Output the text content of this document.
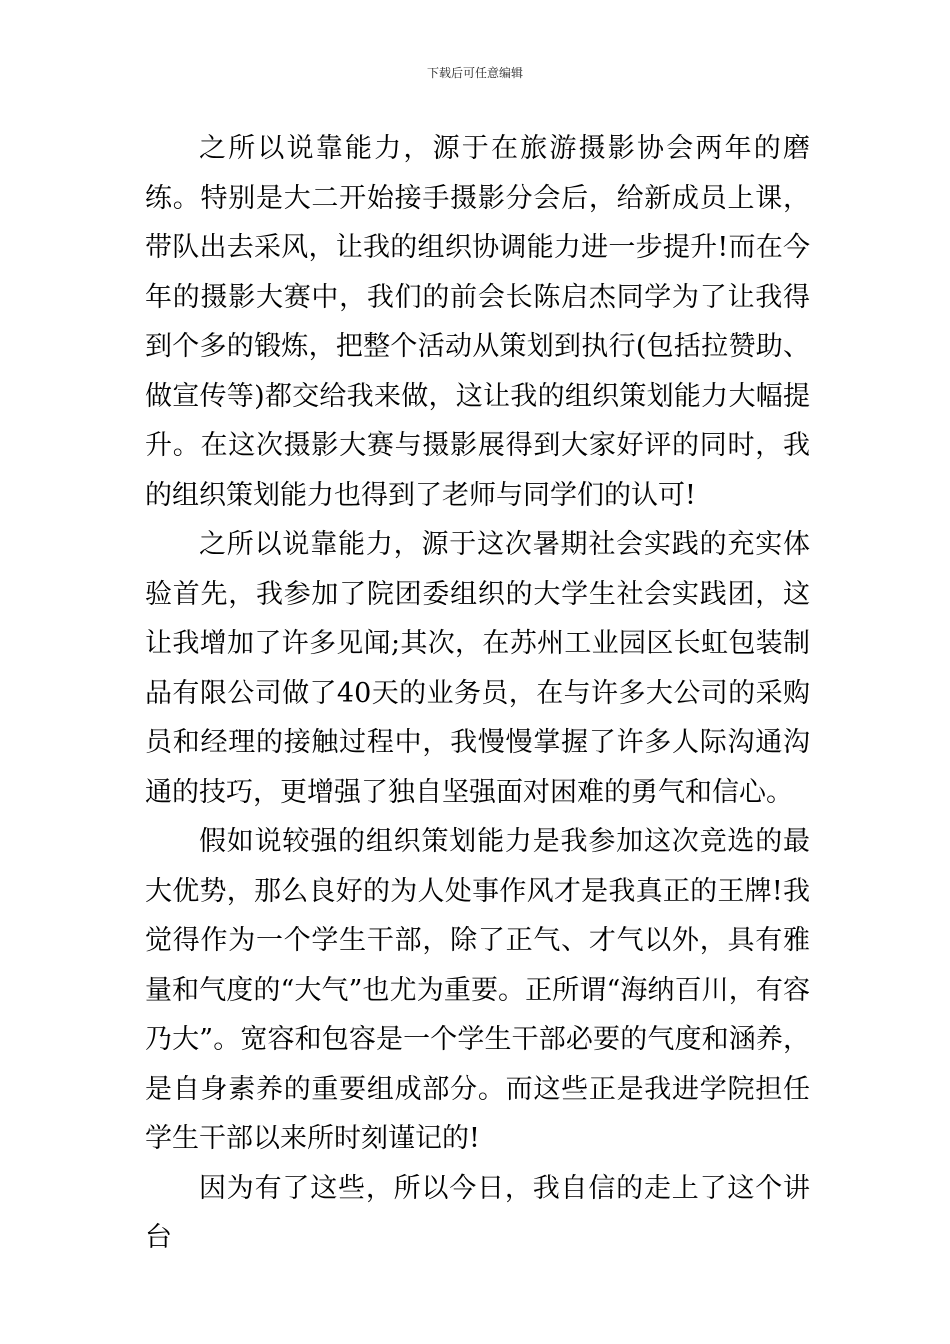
下载后可任意编辑

之所以说靠能力，源于在旅游摄影协会两年的磨练。特别是大二开始接手摄影分会后，给新成员上课，带队出去采风，让我的组织协调能力进一步提升!而在今年的摄影大赛中，我们的前会长陈启杰同学为了让我得到个多的锻炼，把整个活动从策划到执行(包括拉赞助、做宣传等)都交给我来做，这让我的组织策划能力大幅提升。在这次摄影大赛与摄影展得到大家好评的同时，我的组织策划能力也得到了老师与同学们的认可!

之所以说靠能力，源于这次暑期社会实践的充实体验首先，我参加了院团委组织的大学生社会实践团，这让我增加了许多见闻;其次，在苏州工业园区长虹包装制品有限公司做了40天的业务员，在与许多大公司的采购员和经理的接触过程中，我慢慢掌握了许多人际沟通沟通的技巧，更增强了独自坚强面对困难的勇气和信心。

假如说较强的组织策划能力是我参加这次竞选的最大优势，那么良好的为人处事作风才是我真正的王牌!我觉得作为一个学生干部，除了正气、才气以外，具有雅量和气度的“大气”也尤为重要。正所谓“海纳百川，有容乃大”。宽容和包容是一个学生干部必要的气度和涵养，是自身素养的重要组成部分。而这些正是我进学院担任学生干部以来所时刻谨记的!

因为有了这些，所以今日，我自信的走上了这个讲台
